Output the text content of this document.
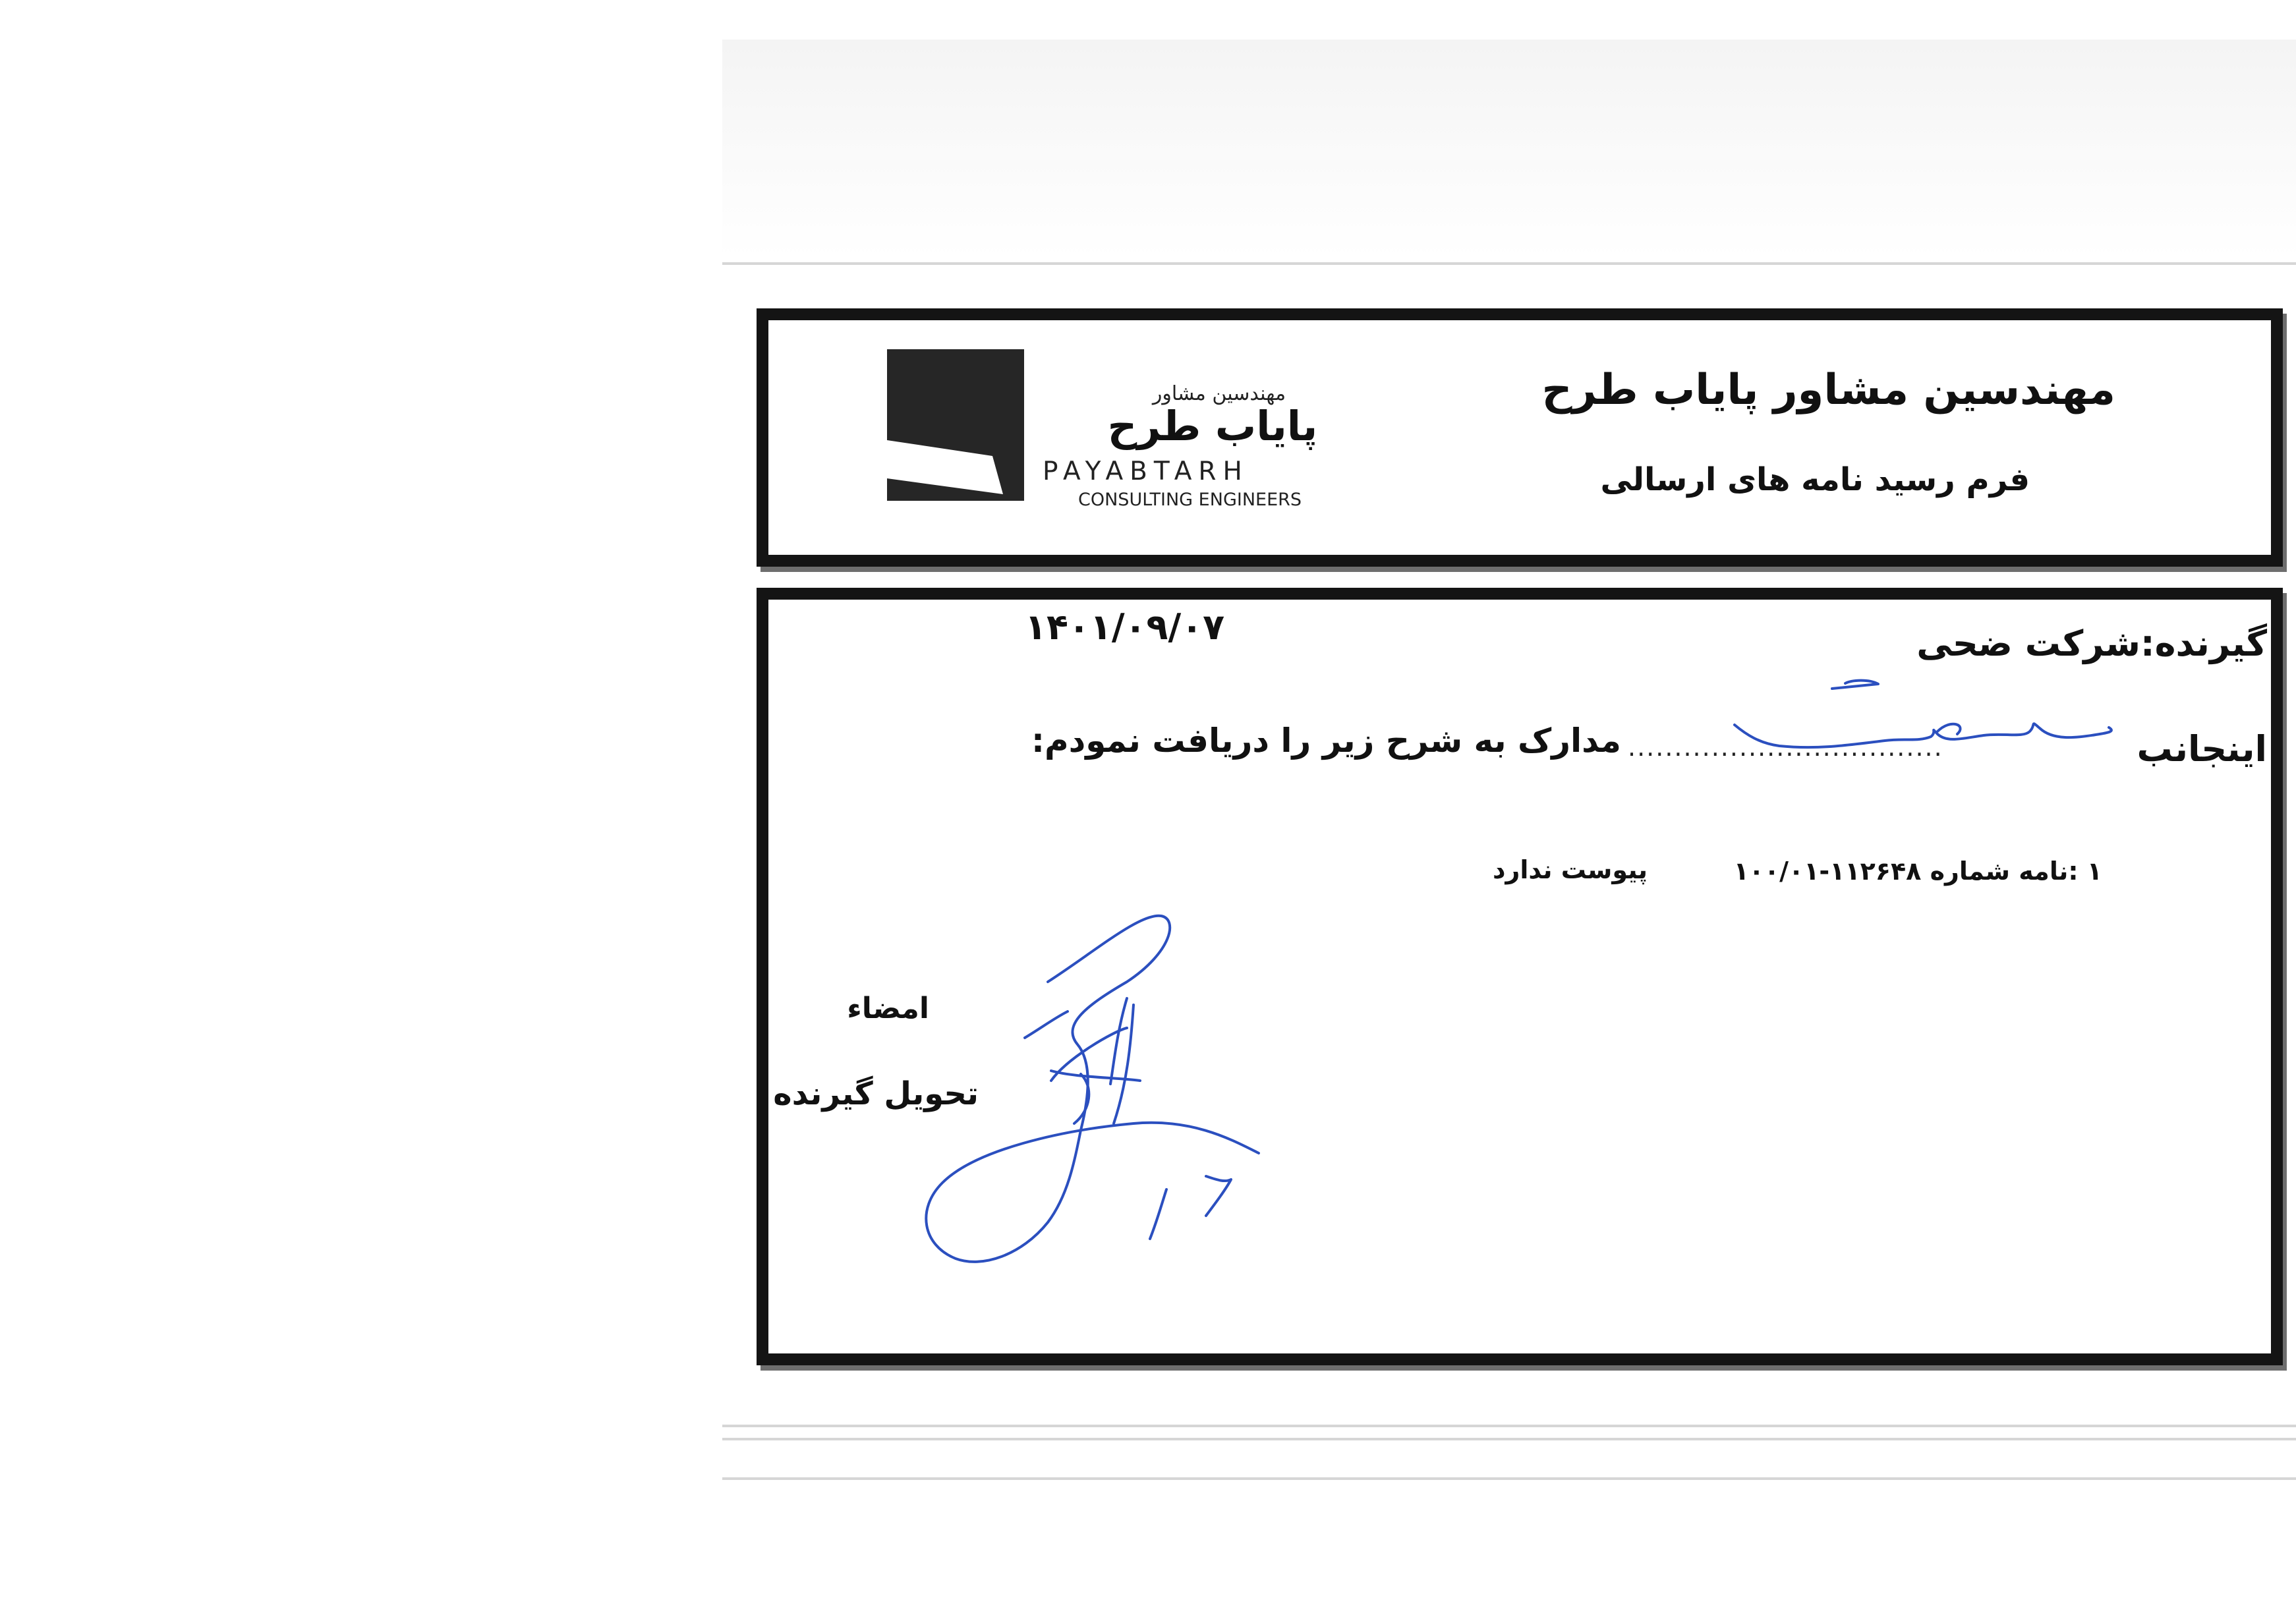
مهندسین مشاور
پایاب طرح
PAYABTARH
CONSULTING ENGINEERS
مهندسین مشاور پایاب طرح
فرم رسید نامه های ارسالی
۱۴۰۱/۰۹/۰۷	گیرنده:شرکت ضحی
اینجانب
..................................
مدارک به شرح زیر را دریافت نمودم:
۱ :نامه شماره ۱۱۲۶۴۸-۱۰۰/۰۱
پیوست ندارد
امضاء
تحویل گیرنده
